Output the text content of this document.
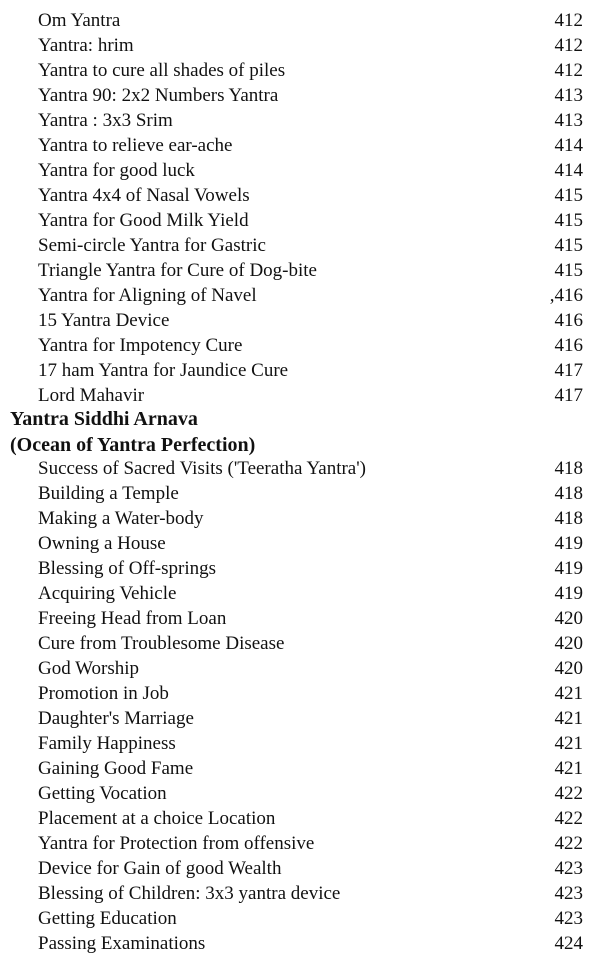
Om Yantra	412
Yantra: hrim	412
Yantra to cure all shades of piles	412
Yantra 90: 2x2 Numbers Yantra	413
Yantra : 3x3 Srim	413
Yantra to relieve ear-ache	414
Yantra for good luck	414
Yantra 4x4 of Nasal Vowels	415
Yantra for Good Milk Yield	415
Semi-circle Yantra for Gastric	415
Triangle Yantra for Cure of Dog-bite	415
Yantra for Aligning of Navel	,416
15 Yantra Device	416
Yantra for Impotency Cure	416
17 ham Yantra for Jaundice Cure	417
Lord Mahavir	417
Yantra Siddhi Arnava
(Ocean of Yantra Perfection)
Success of Sacred Visits ('Teeratha Yantra')	418
Building a Temple	418
Making a Water-body	418
Owning a House	419
Blessing of Off-springs	419
Acquiring Vehicle	419
Freeing Head from Loan	420
Cure from Troublesome Disease	420
God Worship	420
Promotion in Job	421
Daughter's Marriage	421
Family Happiness	421
Gaining Good Fame	421
Getting Vocation	422
Placement at a choice Location	422
Yantra for Protection from offensive	422
Device for Gain of good Wealth	423
Blessing of Children: 3x3 yantra device	423
Getting Education	423
Passing Examinations	424
